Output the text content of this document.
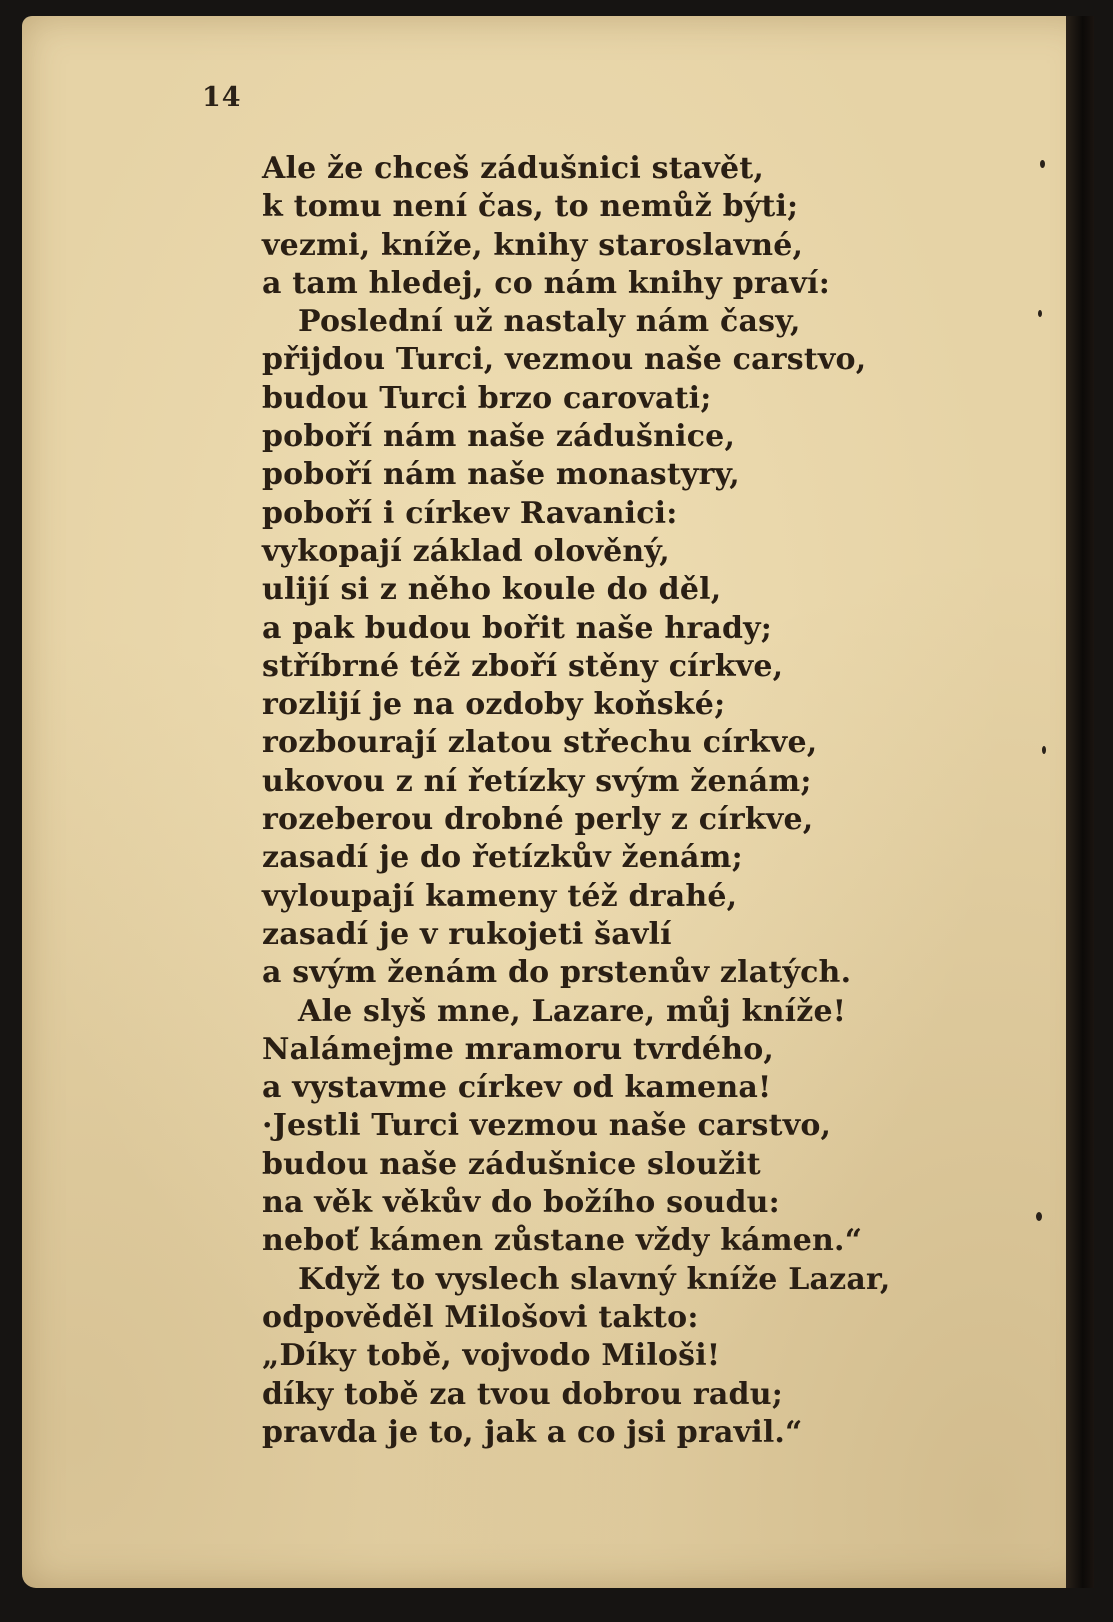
14
Ale že chceš zádušnici stavět,
k tomu není čas, to nemůž býti;
vezmi, kníže, knihy staroslavné,
a tam hledej, co nám knihy praví:
Poslední už nastaly nám časy,
přijdou Turci, vezmou naše carstvo,
budou Turci brzo carovati;
poboří nám naše zádušnice,
poboří nám naše monastyry,
poboří i církev Ravanici:
vykopají základ olověný,
ulijí si z něho koule do děl,
a pak budou bořit naše hrady;
stříbrné též zboří stěny církve,
rozlijí je na ozdoby koňské;
rozbourají zlatou střechu církve,
ukovou z ní řetízky svým ženám;
rozeberou drobné perly z církve,
zasadí je do řetízkův ženám;
vyloupají kameny též drahé,
zasadí je v rukojeti šavlí
a svým ženám do prstenův zlatých.
Ale slyš mne, Lazare, můj kníže!
Nalámejme mramoru tvrdého,
a vystavme církev od kamena!
·Jestli Turci vezmou naše carstvo,
budou naše zádušnice sloužit
na věk věkův do božího soudu:
neboť kámen zůstane vždy kámen.“
Když to vyslech slavný kníže Lazar,
odpověděl Milošovi takto:
„Díky tobě, vojvodo Miloši!
díky tobě za tvou dobrou radu;
pravda je to, jak a co jsi pravil.“
